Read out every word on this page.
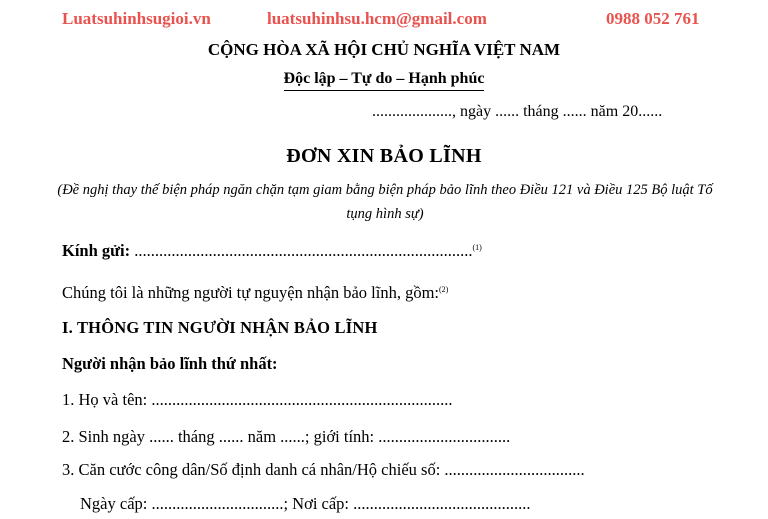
Luatsuhinhsugioi.vn	luatsuhinhsu.hcm@gmail.com	0988 052 761
CỘNG HÒA XÃ HỘI CHỦ NGHĨA VIỆT NAM
Độc lập – Tự do – Hạnh phúc
...................., ngày ...... tháng ...... năm 20......
ĐƠN XIN BẢO LĨNH
(Đề nghị thay thế biện pháp ngăn chặn tạm giam bằng biện pháp bảo lĩnh theo Điều 121 và Điều 125 Bộ luật Tố tụng hình sự)
Kính gửi: ..................................................................................$^{(1)}$
Chúng tôi là những người tự nguyện nhận bảo lĩnh, gồm:$^{(2)}$
I. THÔNG TIN NGƯỜI NHẬN BẢO LĨNH
Người nhận bảo lĩnh thứ nhất:
1. Họ và tên: .........................................................................
2. Sinh ngày ...... tháng ...... năm ......; giới tính: ................................
3. Căn cước công dân/Số định danh cá nhân/Hộ chiếu số: ..................................
Ngày cấp: ................................; Nơi cấp: ...........................................
